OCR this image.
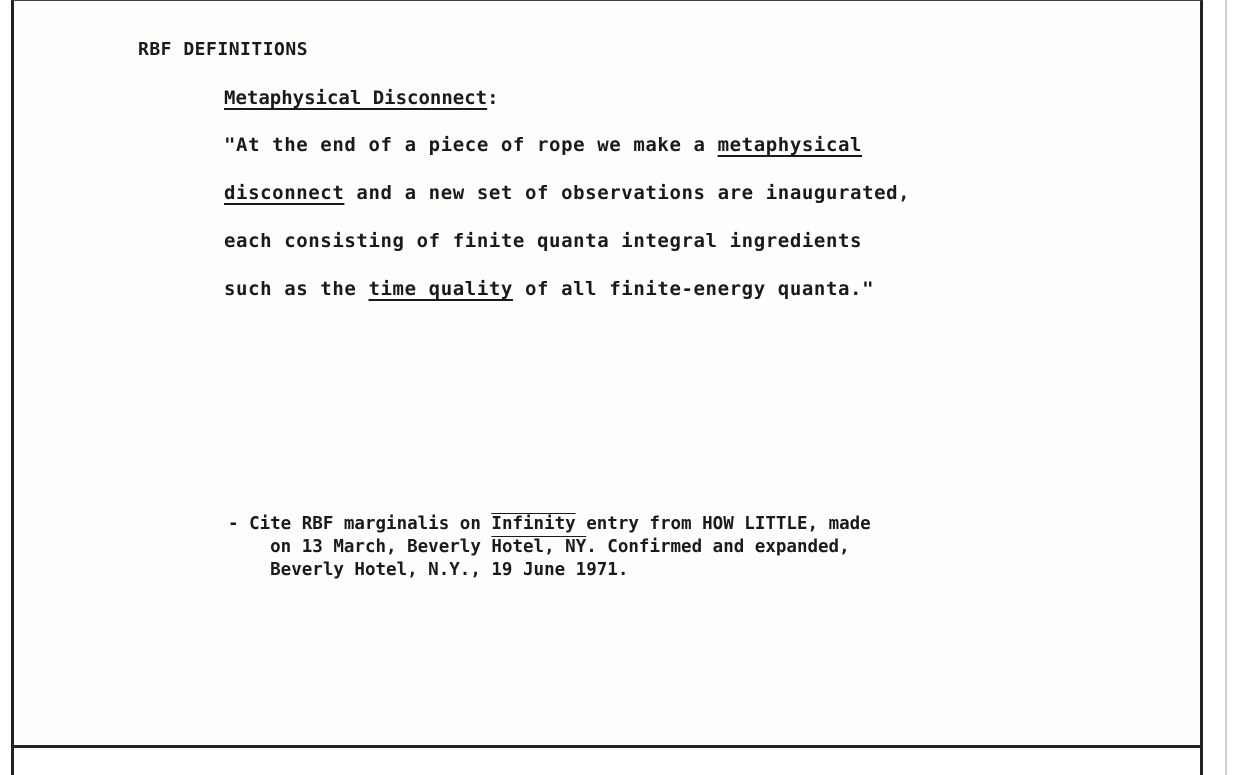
RBF DEFINITIONS
Metaphysical Disconnect:
"At the end of a piece of rope we make a metaphysical
disconnect and a new set of observations are inaugurated,
each consisting of finite quanta integral ingredients
such as the time quality of all finite-energy quanta."
- Cite RBF marginalis on Infinity entry from HOW LITTLE, made
on 13 March, Beverly Hotel, NY. Confirmed and expanded,
Beverly Hotel, N.Y., 19 June 1971.
